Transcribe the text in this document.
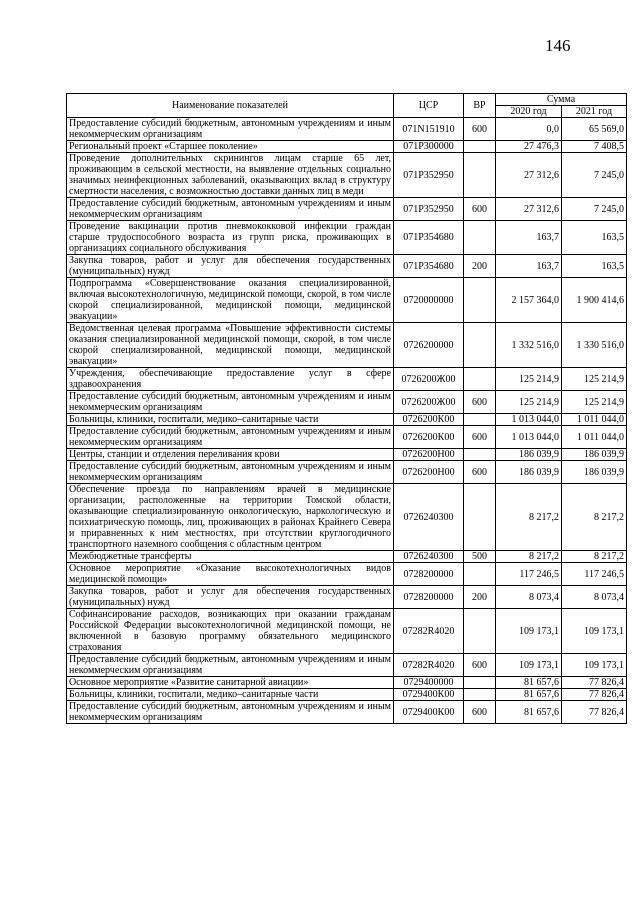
146
Наименование показателей	ЦСР	ВР	Сумма	
			2020 год	2021 год
Предоставление субсидий бюджетным, автономным учреждениям и иным некоммерческим организациям	071N151910	600	0,0	65 569,0
Региональный проект «Старшее поколение»	071P300000		27 476,3	7 408,5
Проведение дополнительных скринингов лицам старше 65 лет, проживающим в сельской местности, на выявление отдельных социально значимых неинфекционных заболеваний, оказывающих вклад в структуру смертности населения, с возможностью доставки данных лиц в меди	071P352950		27 312,6	7 245,0
Предоставление субсидий бюджетным, автономным учреждениям и иным некоммерческим организациям	071P352950	600	27 312,6	7 245,0
Проведение вакцинации против пневмококковой инфекции граждан старше трудоспособного возраста из групп риска, проживающих в организациях социального обслуживания	071P354680		163,7	163,5
Закупка товаров, работ и услуг для обеспечения государственных (муниципальных) нужд	071P354680	200	163,7	163,5
Подпрограмма «Совершенствование оказания специализированной, включая высокотехнологичную, медицинской помощи, скорой, в том числе скорой специализированной, медицинской помощи, медицинской эвакуации»	0720000000		2 157 364,0	1 900 414,6
Ведомственная целевая программа «Повышение эффективности системы оказания специализированной медицинской помощи, скорой, в том числе скорой специализированной, медицинской помощи, медицинской эвакуации»	0726200000		1 332 516,0	1 330 516,0
Учреждения, обеспечивающие предоставление услуг в сфере здравоохранения	0726200Ж00		125 214,9	125 214,9
Предоставление субсидий бюджетным, автономным учреждениям и иным некоммерческим организациям	0726200Ж00	600	125 214,9	125 214,9
Больницы, клиники, госпитали, медико–санитарные части	0726200К00		1 013 044,0	1 011 044,0
Предоставление субсидий бюджетным, автономным учреждениям и иным некоммерческим организациям	0726200К00	600	1 013 044,0	1 011 044,0
Центры, станции и отделения переливания крови	0726200Н00		186 039,9	186 039,9
Предоставление субсидий бюджетным, автономным учреждениям и иным некоммерческим организациям	0726200Н00	600	186 039,9	186 039,9
Обеспечение проезда по направлениям врачей в медицинские организации, расположенные на территории Томской области, оказывающие специализированную онкологическую, наркологическую и психиатрическую помощь, лиц, проживающих в районах Крайнего Севера и приравненных к ним местностях, при отсутствии круглогодичного транспортного наземного сообщения с областным центром	0726240300		8 217,2	8 217,2
Межбюджетные трансферты	0726240300	500	8 217,2	8 217,2
Основное мероприятие «Оказание высокотехнологичных видов медицинской помощи»	0728200000		117 246,5	117 246,5
Закупка товаров, работ и услуг для обеспечения государственных (муниципальных) нужд	0728200000	200	8 073,4	8 073,4
Софинансирование расходов, возникающих при оказании гражданам Российской Федерации высокотехнологичной медицинской помощи, не включенной в базовую программу обязательного медицинского страхования	07282R4020		109 173,1	109 173,1
Предоставление субсидий бюджетным, автономным учреждениям и иным некоммерческим организациям	07282R4020	600	109 173,1	109 173,1
Основное мероприятие «Развитие санитарной авиации»	0729400000		81 657,6	77 826,4
Больницы, клиники, госпитали, медико–санитарные части	0729400К00		81 657,6	77 826,4
Предоставление субсидий бюджетным, автономным учреждениям и иным некоммерческим организациям	0729400К00	600	81 657,6	77 826,4
